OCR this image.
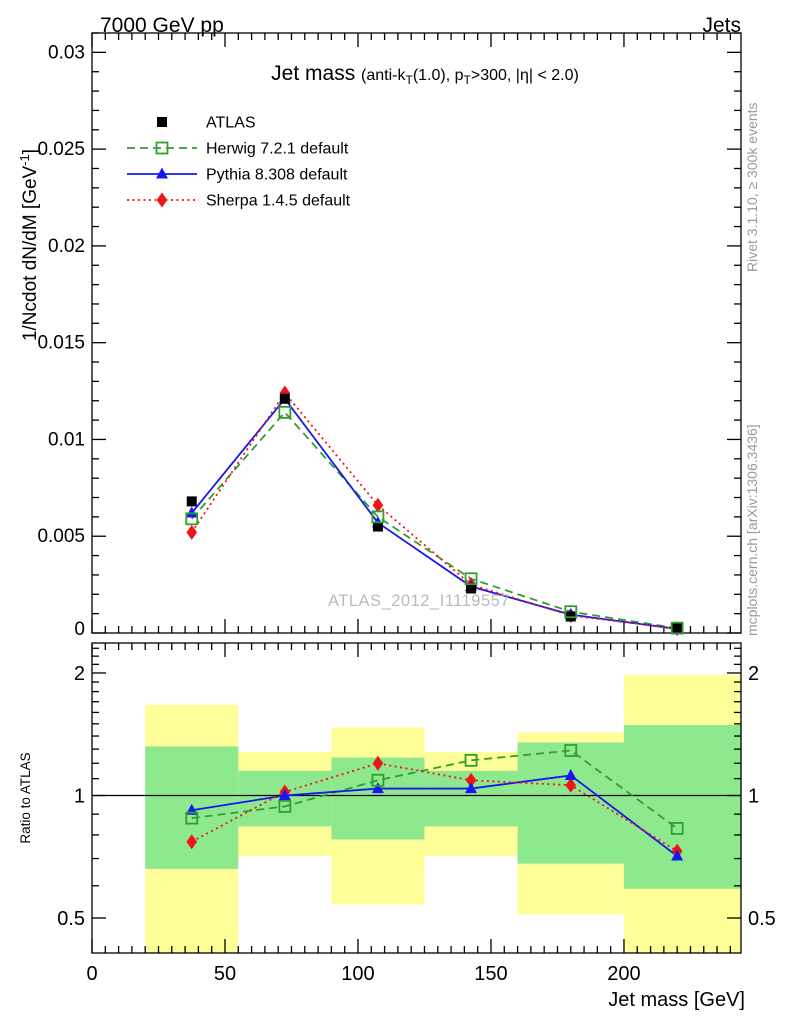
7000 GeV pp	Jets
0	50	100	150	200
Jet mass [GeV]
0
0.005
0.01
0.015
0.02
0.025
0.03
0.5	0.5
1	1
2	2
Jet mass ($anti-k_T(1.0)$, $p_T>300$, |η| < 2.0)
1/Ncdot dN/dM [GeV$^{-1}$]
Ratio to ATLAS
ATLAS
Herwig 7.2.1 default
Pythia 8.308 default
Sherpa 1.4.5 default	Rivet 3.1.10, ≥ 300k events
mcplots.cern.ch [arXiv:1306.3436]
ATLAS_2012_I1119557
